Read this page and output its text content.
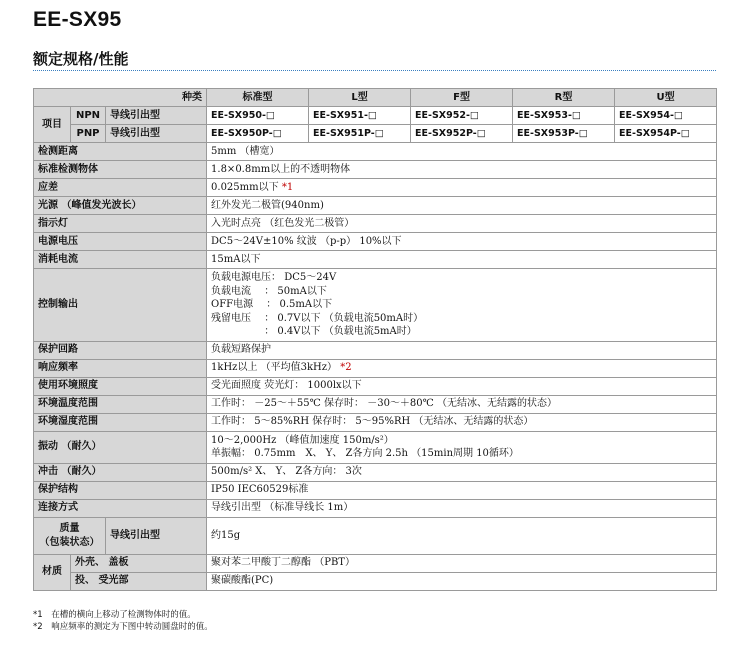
EE-SX95
额定规格/性能
种类			标准型	L型	F型	R型	U型
项目	NPN	导线引出型	EE-SX950-□	EE-SX951-□	EE-SX952-□	EE-SX953-□	EE-SX954-□
	PNP	导线引出型	EE-SX950P-□	EE-SX951P-□	EE-SX952P-□	EE-SX953P-□	EE-SX954P-□
检测距离			5mm （槽宽）				
标准检测物体			1.8×0.8mm以上的不透明物体				
应差			0.025mm以下 *1				
光源 （峰值发光波长）			红外发光二极管(940nm)				
指示灯			入光时点亮 （红色发光二极管）				
电源电压			DC5～24V±10% 纹波 （p-p） 10%以下				
消耗电流			15mA以下				
控制输出			负载电源电压： DC5～24V
负载电流　 ： 50mA以下
OFF电源　 ： 0.5mA以下
残留电压　 ： 0.7V以下 （负载电流50mA时）
　　　　　 ： 0.4V以下 （负载电流5mA时）				

保护回路			负载短路保护				
响应频率			1kHz以上 （平均值3kHz） *2				
使用环境照度			受光面照度 荧光灯： 1000lx以下				
环境温度范围			工作时： －25～＋55℃ 保存时： －30～＋80℃ （无结冰、无结露的状态）				
环境湿度范围			工作时： 5～85%RH 保存时： 5～95%RH （无结冰、无结露的状态）				
振动 （耐久）			10～2,000Hz （峰值加速度 150m/s²）
单振幅： 0.75mm　X、 Y、 Z各方向 2.5h （15min周期 10循环）				

冲击 （耐久）			500m/s² X、 Y、 Z各方向： 3次				
保护结构			IP50 IEC60529标准				
连接方式			导线引出型 （标准导线长 1m）				

质量
（包装状态）		导线引出型	约15g				
材质	外壳、 盖板		聚对苯二甲酸丁二醇酯 （PBT）				
	投、 受光部		聚碳酸酯(PC)				
*1　 在槽的横向上移动了检测物体时的值。
*2　 响应频率的测定为下图中转动圆盘时的值。
